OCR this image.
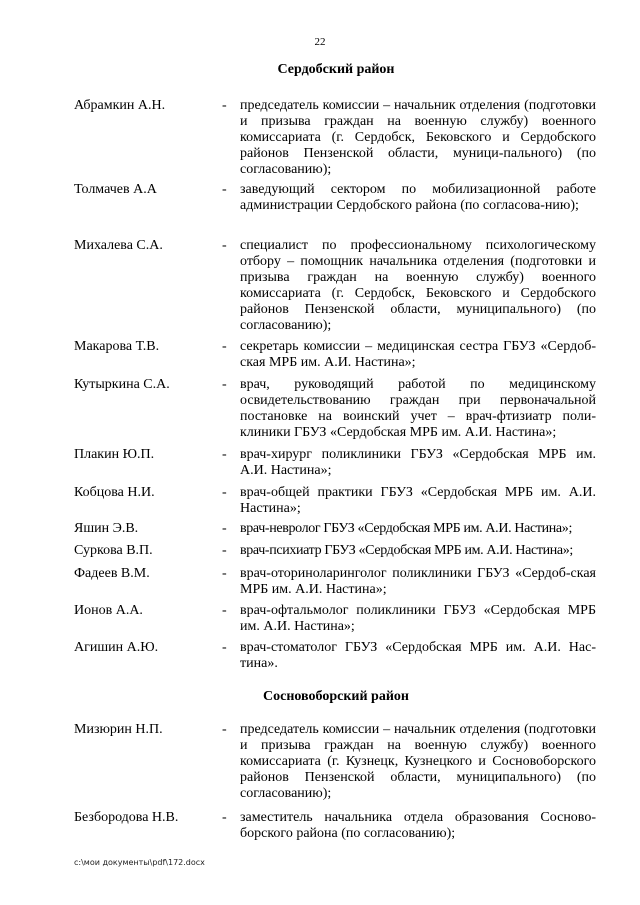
22
Сердобский район
Абрамкин А.Н.	- председатель комиссии – начальник отделения (подготовки и призыва граждан на военную службу) военного комиссариата (г. Сердобск, Бековского и Сердобского районов Пензенской области, муници-пального) (по согласованию);
Толмачев А.А	- заведующий сектором по мобилизационной работе администрации Сердобского района (по согласова-нию);
Михалева С.А.	- специалист по профессиональному психологическому отбору – помощник начальника отделения (подготовки и призыва граждан на военную службу) военного комиссариата (г. Сердобск, Бековского и Сердобского районов Пензенской области, муниципального) (по согласованию);
Макарова Т.В.	- секретарь комиссии – медицинская сестра ГБУЗ «Сердоб-ская МРБ им. А.И. Настина»;
Кутыркина С.А.	- врач, руководящий работой по медицинскому освидетельствованию граждан при первоначальной постановке на воинский учет – врач-фтизиатр поли-клиники ГБУЗ «Сердобская МРБ им. А.И. Настина»;
Плакин Ю.П.	- врач-хирург поликлиники ГБУЗ «Сердобская МРБ им. А.И. Настина»;
Кобцова Н.И.	- врач-общей практики ГБУЗ «Сердобская МРБ им. А.И. Настина»;
Яшин Э.В.	- врач-невролог ГБУЗ «Сердобская МРБ им. А.И. Настина»;
Суркова В.П.	- врач-психиатр ГБУЗ «Сердобская МРБ им. А.И. Настина»;
Фадеев В.М.	- врач-оториноларинголог поликлиники ГБУЗ «Сердоб-ская МРБ им. А.И. Настина»;
Ионов А.А.	- врач-офтальмолог поликлиники ГБУЗ «Сердобская МРБ им. А.И. Настина»;
Агишин А.Ю.	- врач-стоматолог ГБУЗ «Сердобская МРБ им. А.И. Нас-тина».
Сосновоборский район
Мизюрин Н.П.	- председатель комиссии – начальник отделения (подготовки и призыва граждан на военную службу) военного комиссариата (г. Кузнецк, Кузнецкого и Сосновоборского районов Пензенской области, муниципального) (по согласованию);
Безбородова Н.В.	- заместитель начальника отдела образования Сосново-борского района (по согласованию);
c:\мои документы\pdf\172.docx
